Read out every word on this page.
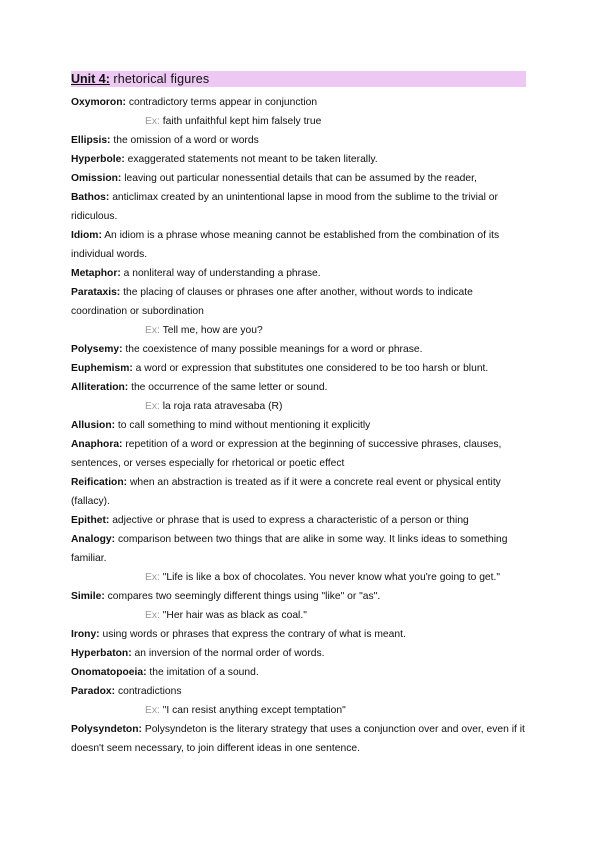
Unit 4: rhetorical figures

Oxymoron: contradictory terms appear in conjunction

Ex: faith unfaithful kept him falsely true

Ellipsis: the omission of a word or words

Hyperbole: exaggerated statements not meant to be taken literally.

Omission: leaving out particular nonessential details that can be assumed by the reader,

Bathos: anticlimax created by an unintentional lapse in mood from the sublime to the trivial or ridiculous.

Idiom: An idiom is a phrase whose meaning cannot be established from the combination of its individual words.

Metaphor: a nonliteral way of understanding a phrase.

Parataxis: the placing of clauses or phrases one after another, without words to indicate coordination or subordination

Ex: Tell me, how are you?

Polysemy: the coexistence of many possible meanings for a word or phrase.

Euphemism: a word or expression that substitutes one considered to be too harsh or blunt.

Alliteration: the occurrence of the same letter or sound.

Ex: la roja rata atravesaba (R)

Allusion: to call something to mind without mentioning it explicitly

Anaphora: repetition of a word or expression at the beginning of successive phrases, clauses, sentences, or verses especially for rhetorical or poetic effect

Reification: when an abstraction is treated as if it were a concrete real event or physical entity (fallacy).

Epithet: adjective or phrase that is used to express a characteristic of a person or thing

Analogy: comparison between two things that are alike in some way. It links ideas to something familiar.

Ex: "Life is like a box of chocolates. You never know what you're going to get."

Simile: compares two seemingly different things using "like" or "as".

Ex: "Her hair was as black as coal."

Irony: using words or phrases that express the contrary of what is meant.

Hyperbaton: an inversion of the normal order of words.

Onomatopoeia: the imitation of a sound.

Paradox: contradictions

Ex: "I can resist anything except temptation"

Polysyndeton: Polysyndeton is the literary strategy that uses a conjunction over and over, even if it doesn't seem necessary, to join different ideas in one sentence.
